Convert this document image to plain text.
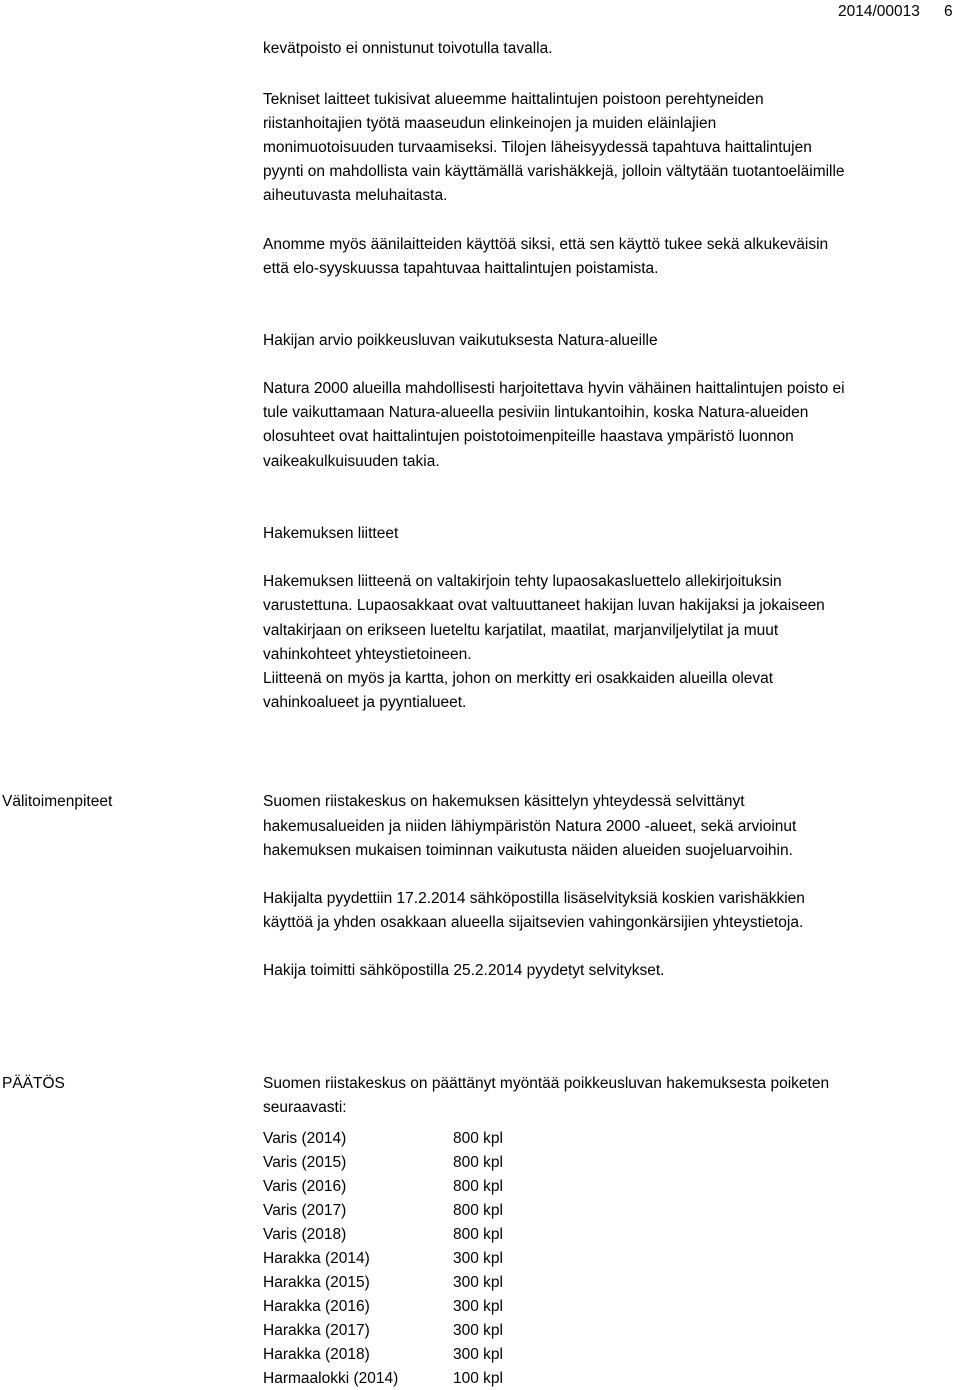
2014/00013 6
kevätpoisto ei onnistunut toivotulla tavalla.
Tekniset laitteet tukisivat alueemme haittalintujen poistoon perehtyneiden
riistanhoitajien työtä maaseudun elinkeinojen ja muiden eläinlajien
monimuotoisuuden turvaamiseksi. Tilojen läheisyydessä tapahtuva haittalintujen
pyynti on mahdollista vain käyttämällä varishäkkejä, jolloin vältytään tuotantoeläimille
aiheutuvasta meluhaitasta.
Anomme myös äänilaitteiden käyttöä siksi, että sen käyttö tukee sekä alkukeväisin
että elo-syyskuussa tapahtuvaa haittalintujen poistamista.
Hakijan arvio poikkeusluvan vaikutuksesta Natura-alueille
Natura 2000 alueilla mahdollisesti harjoitettava hyvin vähäinen haittalintujen poisto ei
tule vaikuttamaan Natura-alueella pesiviin lintukantoihin, koska Natura-alueiden
olosuhteet ovat haittalintujen poistotoimenpiteille haastava ympäristö luonnon
vaikeakulkuisuuden takia.
Hakemuksen liitteet
Hakemuksen liitteenä on valtakirjoin tehty lupaosakasluettelo allekirjoituksin
varustettuna. Lupaosakkaat ovat valtuuttaneet hakijan luvan hakijaksi ja jokaiseen
valtakirjaan on erikseen lueteltu karjatilat, maatilat, marjanviljelytilat ja muut
vahinkohteet yhteystietoineen.
Liitteenä on myös ja kartta, johon on merkitty eri osakkaiden alueilla olevat
vahinkoalueet ja pyyntialueet.
Välitoimenpiteet	Suomen riistakeskus on hakemuksen käsittelyn yhteydessä selvittänyt
hakemusalueiden ja niiden lähiympäristön Natura 2000 -alueet, sekä arvioinut
hakemuksen mukaisen toiminnan vaikutusta näiden alueiden suojeluarvoihin.
Hakijalta pyydettiin 17.2.2014 sähköpostilla lisäselvityksiä koskien varishäkkien
käyttöä ja yhden osakkaan alueella sijaitsevien vahingonkärsijien yhteystietoja.
Hakija toimitti sähköpostilla 25.2.2014 pyydetyt selvitykset.
PÄÄTÖS	Suomen riistakeskus on päättänyt myöntää poikkeusluvan hakemuksesta poiketen
seuraavasti:
Varis (2014)	800 kpl
Varis (2015)	800 kpl
Varis (2016)	800 kpl
Varis (2017)	800 kpl
Varis (2018)	800 kpl
Harakka (2014)	300 kpl
Harakka (2015)	300 kpl
Harakka (2016)	300 kpl
Harakka (2017)	300 kpl
Harakka (2018)	300 kpl
Harmaalokki (2014)	100 kpl
